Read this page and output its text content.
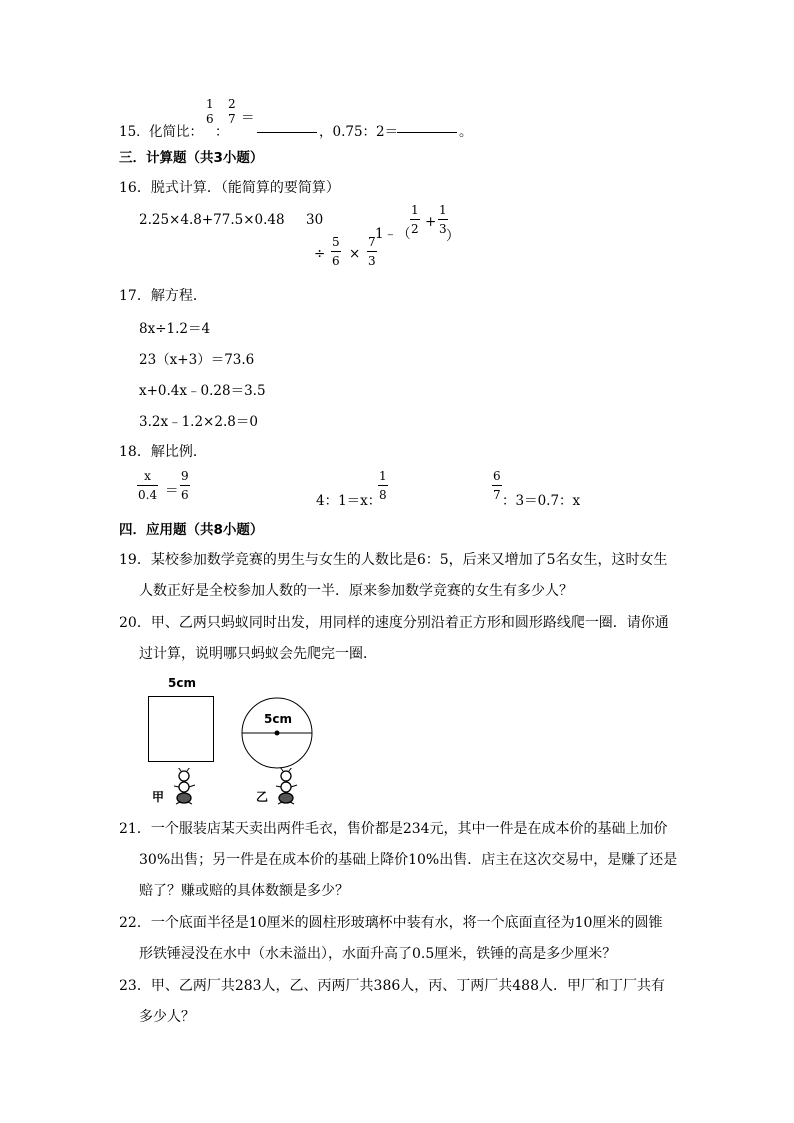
15． 化简比：
1
6
：
2
7 ＝
，0.75：2＝	。
三．计算题（共3小题）
16．脱式计算．（能简算的要简算）
2.25×4.8+77.5×0.48 30
÷
5
6 ×
7
3
1﹣（
1
2 +
1
3 ）
17．解方程．
8x÷1.2＝4
23（x+3）＝73.6
x+0.4x﹣0.28＝3.5
3.2x﹣1.2×2.8＝0
18．解比例．
x
0.4 ＝
9
6	4：1＝x：
1
8
6
7 ：3＝0.7：x
四．应用题（共8小题）
19．某校参加数学竞赛的男生与女生的人数比是6：5，后来又增加了5名女生，这时女生
人数正好是全校参加人数的一半．原来参加数学竞赛的女生有多少人？
20．甲、乙两只蚂蚁同时出发，用同样的速度分别沿着正方形和圆形路线爬一圈．请你通
过计算，说明哪只蚂蚁会先爬完一圈．
5cm
5cm
甲	乙
21．一个服装店某天卖出两件毛衣，售价都是234元，其中一件是在成本价的基础上加价
30%出售；另一件是在成本价的基础上降价10%出售．店主在这次交易中，是赚了还是
赔了？赚或赔的具体数额是多少？
22．一个底面半径是10厘米的圆柱形玻璃杯中装有水，将一个底面直径为10厘米的圆锥
形铁锤浸没在水中（水未溢出），水面升高了0.5厘米，铁锤的高是多少厘米？
23．甲、乙两厂共283人，乙、丙两厂共386人，丙、丁两厂共488人．甲厂和丁厂共有
多少人？
